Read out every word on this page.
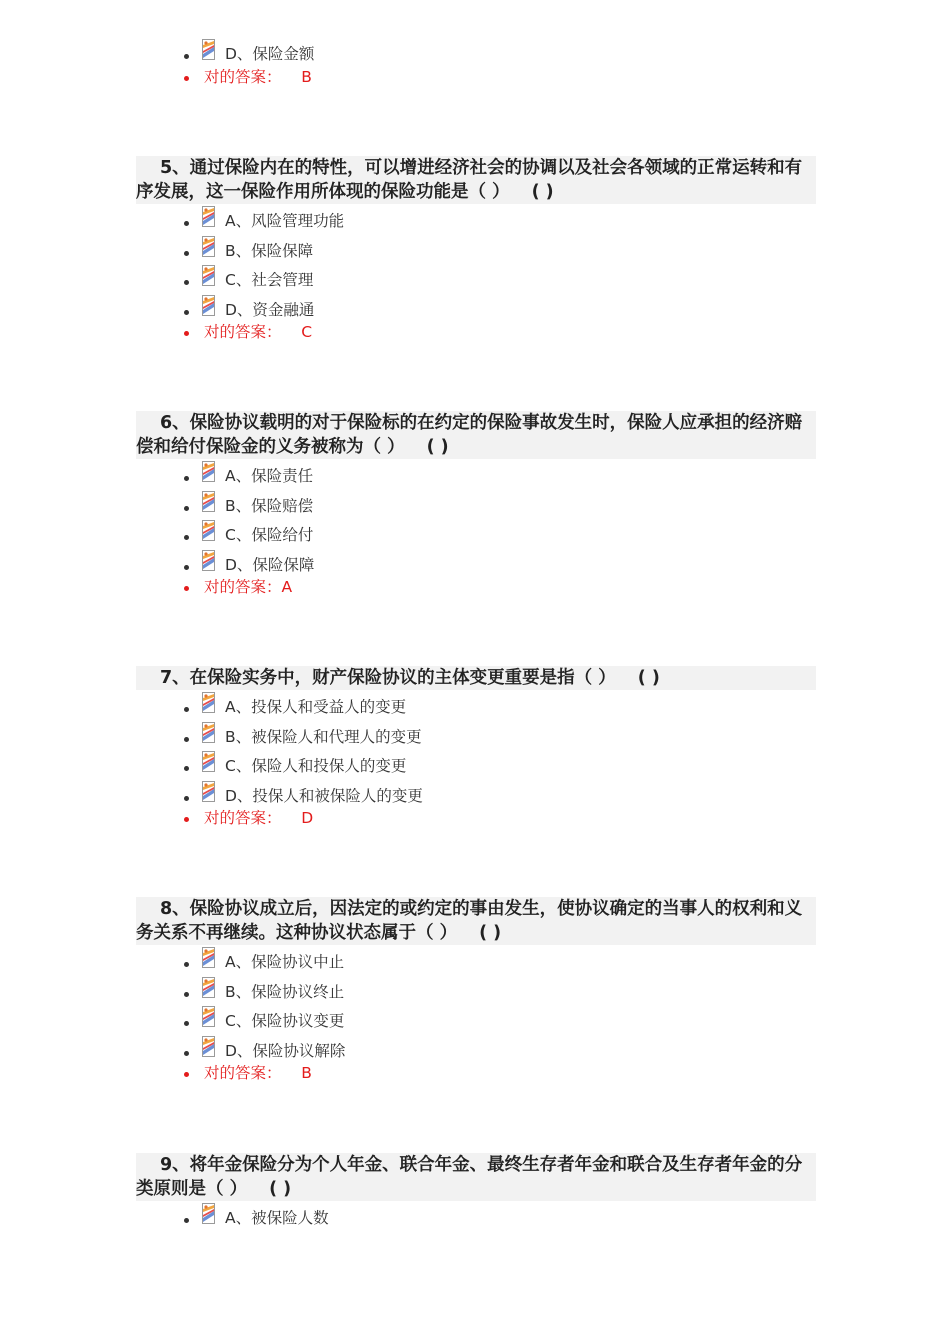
D、保险金额
对的答案：    B
5、通过保险内在的特性，可以增进经济社会的协调以及社会各领域的正常运转和有序发展，这一保险作用所体现的保险功能是（ ） ( )
A、风险管理功能
B、保险保障
C、社会管理
D、资金融通
对的答案：    C
6、保险协议载明的对于保险标的在约定的保险事故发生时，保险人应承担的经济赔偿和给付保险金的义务被称为（ ） ( )
A、保险责任
B、保险赔偿
C、保险给付
D、保险保障
对的答案：A
7、在保险实务中，财产保险协议的主体变更重要是指（ ） ( )
A、投保人和受益人的变更
B、被保险人和代理人的变更
C、保险人和投保人的变更
D、投保人和被保险人的变更
对的答案：    D
8、保险协议成立后，因法定的或约定的事由发生，使协议确定的当事人的权利和义务关系不再继续。这种协议状态属于（ ） ( )
A、保险协议中止
B、保险协议终止
C、保险协议变更
D、保险协议解除
对的答案：    B
9、将年金保险分为个人年金、联合年金、最终生存者年金和联合及生存者年金的分类原则是（ ） ( )
A、被保险人数
